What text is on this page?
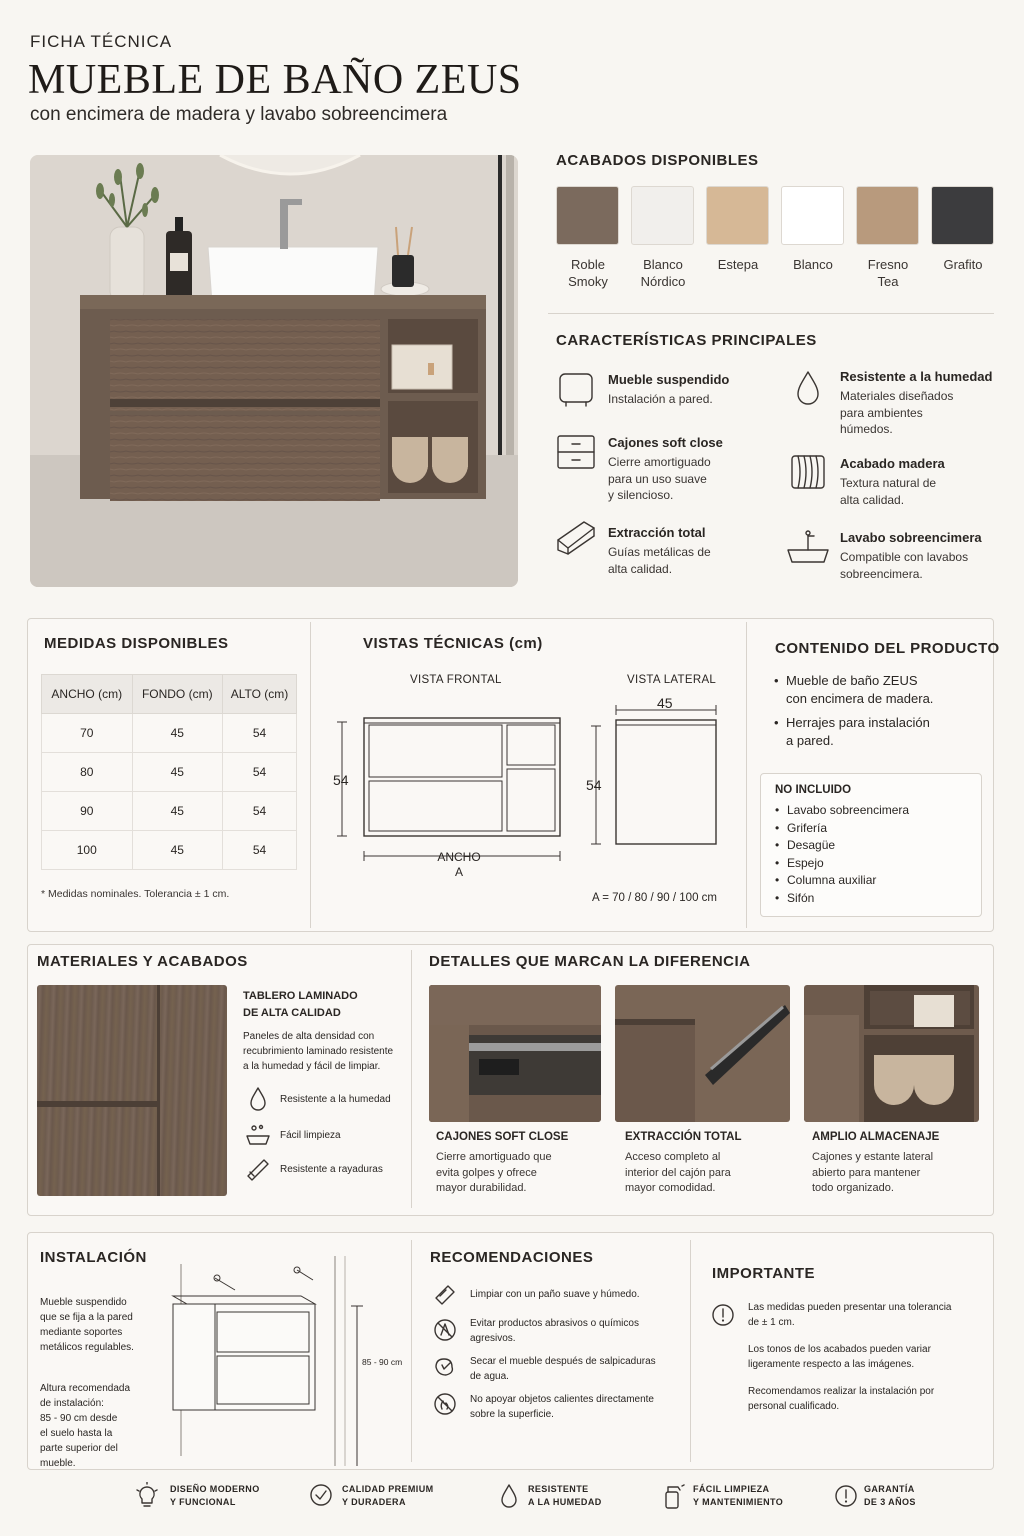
FICHA TÉCNICA
MUEBLE DE BAÑO ZEUS
con encimera de madera y lavabo sobreencimera
ACABADOS DISPONIBLES
Roble
Smoky
Blanco
Nórdico
Estepa	Blanco	Fresno
Tea
Grafito
CARACTERÍSTICAS PRINCIPALES
Mueble suspendido
Instalación a pared.
Cajones soft close
Cierre amortiguado
para un uso suave
y silencioso.
Extracción total
Guías metálicas de
alta calidad.
Resistente a la humedad
Materiales diseñados
para ambientes
húmedos.
Acabado madera
Textura natural de
alta calidad.
Lavabo sobreencimera
Compatible con lavabos
sobreencimera.
MEDIDAS DISPONIBLES
ANCHO (cm)	FONDO (cm)	ALTO (cm)
70	45	54
80	45	54
90	45	54
100	45	54
* Medidas nominales. Tolerancia ± 1 cm.
VISTAS TÉCNICAS (cm)
VISTA FRONTAL	VISTA LATERAL
54	54
45
ANCHO
A
A = 70 / 80 / 90 / 100 cm
CONTENIDO DEL PRODUCTO
• Mueble de baño ZEUS
con encimera de madera.
• Herrajes para instalación
a pared.
NO INCLUIDO
• Lavabo sobreencimera
• Grifería
• Desagüe
• Espejo
• Columna auxiliar
• Sifón
MATERIALES Y ACABADOS
TABLERO LAMINADO
DE ALTA CALIDAD
Paneles de alta densidad con
recubrimiento laminado resistente
a la humedad y fácil de limpiar.
Resistente a la humedad
Fácil limpieza
Resistente a rayaduras
DETALLES QUE MARCAN LA DIFERENCIA
CAJONES SOFT CLOSE
Cierre amortiguado que
evita golpes y ofrece
mayor durabilidad.
EXTRACCIÓN TOTAL
Acceso completo al
interior del cajón para
mayor comodidad.
AMPLIO ALMACENAJE
Cajones y estante lateral
abierto para mantener
todo organizado.
INSTALACIÓN
Mueble suspendido
que se fija a la pared
mediante soportes
metálicos regulables.
Altura recomendada
de instalación:
85 - 90 cm desde
el suelo hasta la
parte superior del
mueble.
85 - 90 cm
RECOMENDACIONES
Limpiar con un paño suave y húmedo.
Evitar productos abrasivos o químicos
agresivos.
Secar el mueble después de salpicaduras
de agua.
No apoyar objetos calientes directamente
sobre la superficie.
IMPORTANTE
Las medidas pueden presentar una tolerancia
de ± 1 cm.
Los tonos de los acabados pueden variar
ligeramente respecto a las imágenes.
Recomendamos realizar la instalación por
personal cualificado.
DISEÑO MODERNO
Y FUNCIONAL
CALIDAD PREMIUM
Y DURADERA
RESISTENTE
A LA HUMEDAD
FÁCIL LIMPIEZA
Y MANTENIMIENTO
GARANTÍA
DE 3 AÑOS
